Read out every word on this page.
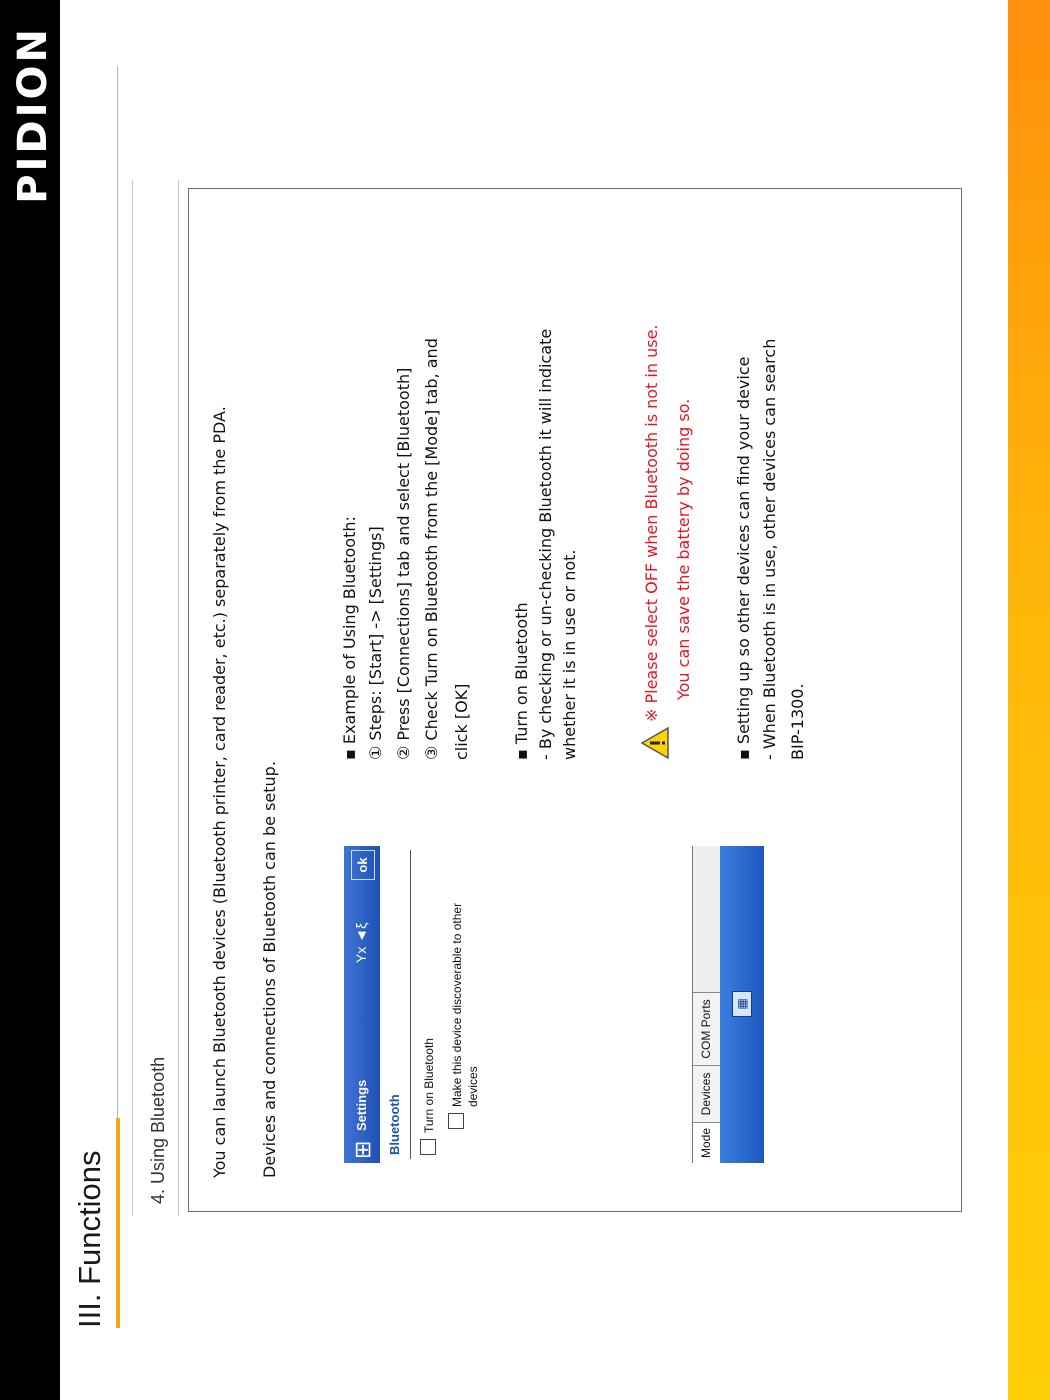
PIDION
III. Functions
4. Using Bluetooth	You can launch Bluetooth devices (Bluetooth printer, card reader, etc.) separately from the PDA. Devices and connections of Bluetooth can be setup.	⊞
Settings
Yx ◄ξ
ok
Bluetooth Turn on Bluetooth Make this device discoverable to other devices
Mode
Devices
COM Ports	▦
▪ Example of Using Bluetooth: ① Steps: [Start] -> [Settings] ② Press [Connections] tab and select [Bluetooth] ③ Check Turn on Bluetooth from the [Mode] tab, and click [OK]	▪ Turn on Bluetooth - By checking or un-checking Bluetooth it will indicate whether it is in use or not.	※ Please select OFF when Bluetooth is not in use. You can save the battery by doing so.	▪ Setting up so other devices can find your device - When Bluetooth is in use, other devices can search BIP-1300.
